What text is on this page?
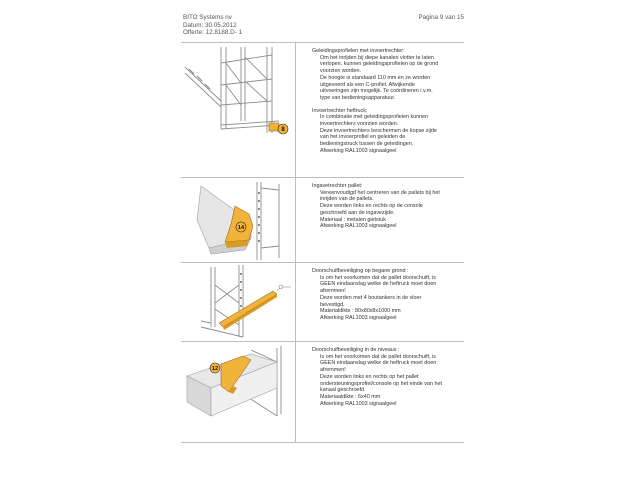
BITO Systems nv
Datum: 30.05.2012
Offerte: 12.8188.D- 1
Pagina 9 van 15
8
Geleidingsprofielen met invoertrechter:
Om het inrijden bij diepe kanalen vlotter te laten
verlopen, kunnen geleidingsprofielen op de grond
voorzien worden.
De hoogte is standaard 110 mm en ze worden
uitgevoerd als een C-profiel. Afwijkende
uitvoeringen zijn mogelijk. Te coördineren i.v.m.
type van bedieningsapparatuur.
Invoertrechter heftruck:
In combinatie met geleidingsprofielen kunnen
invoertrechters voorzien worden.
Deze invoertrechters beschermen de kopse zijde
van het invoerprofiel en geleiden de
bedieningstruck tussen de geleidingen.
Afwerking RAL1003 signaalgeel
14
Ingavetrechter pallet:
Vereenvoudigd het centreren van de pallets bij het
inrijden van de pallets.
Deze worden links en rechts op de console
geschroefd aan de ingavezijde.
Materiaal : metalen gietstuk
Afwerking RAL1003 signaalgeel
Doorschuifbeveiliging op begane grond :
Is om het voorkomen dat de pallet doorschuift, is
GEEN eindaanslag welke de heftruck moet doen
afremmen!
Deze worden met 4 boutankers in de vloer
bevestigd.
Materialdikte : 80x80x8x1000 mm
Afwerking RAL1003 signaalgeel
12
Doorschuifbeveiliging in de niveaus :
Is om het voorkomen dat de pallet doorschuift, is
GEEN eindaanslag welke de heftruck moet doen
afremmen!
Deze worden links en rechts op het pallet
ondersteuningsprofiel/console op het einde van het
kanaal geschroefd.
Materiaaldikte : 6x40 mm
Afwerking RAL1003 signaalgeel
